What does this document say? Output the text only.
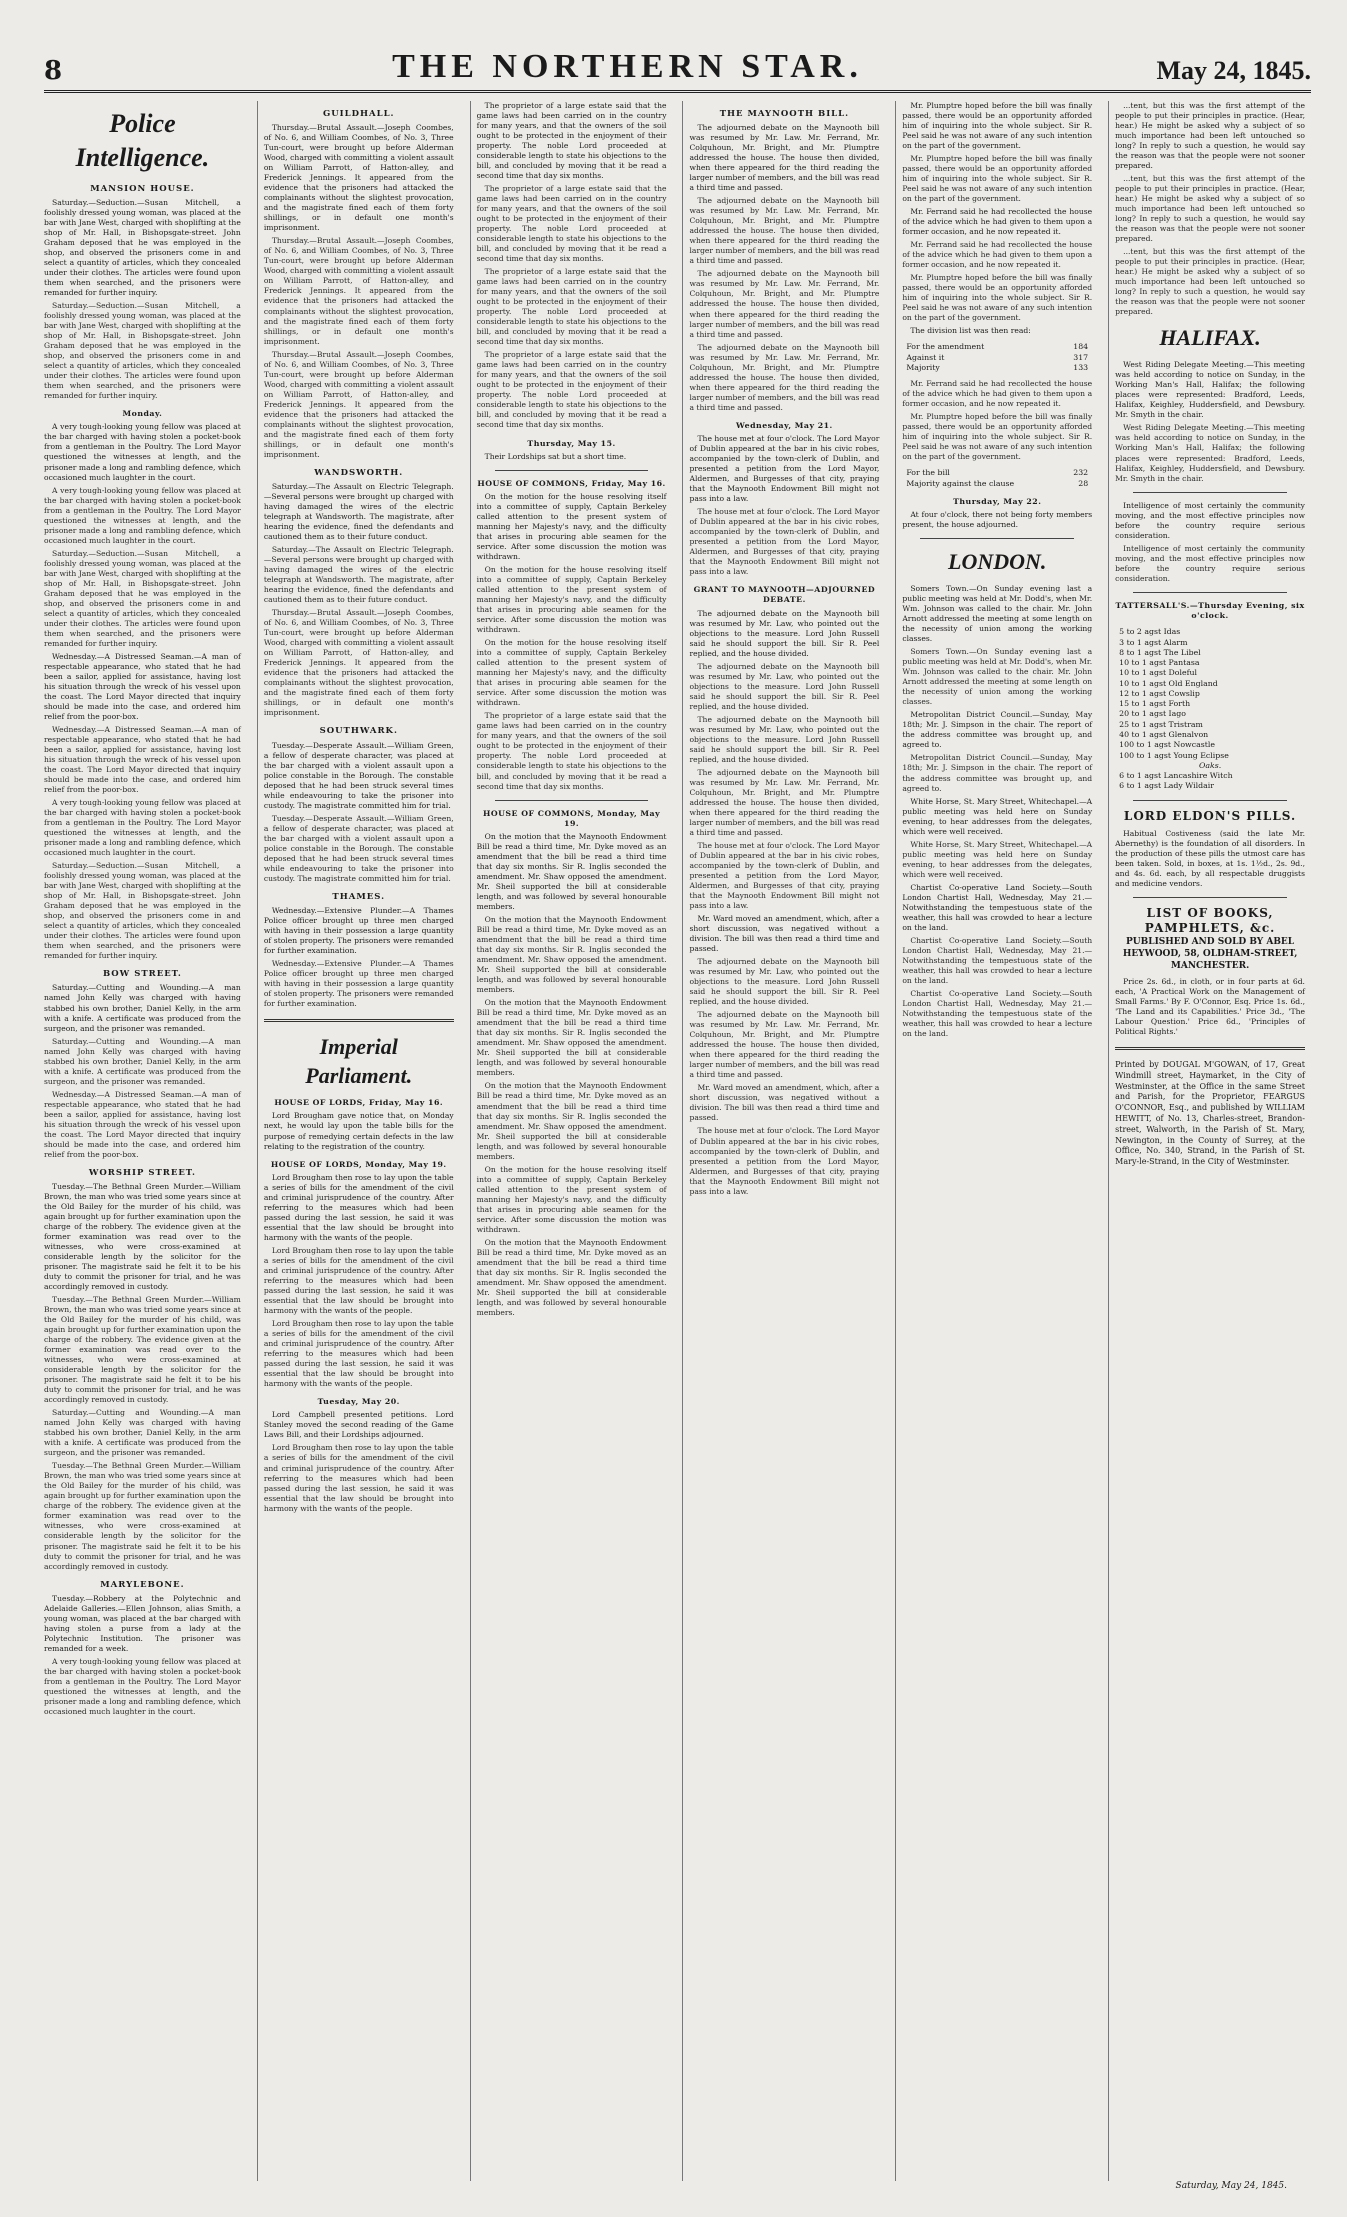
8	THE NORTHERN STAR.	May 24, 1845.
Police Intelligence.
MANSION HOUSE.

Saturday.—Seduction.—Susan Mitchell, a foolishly dressed young woman, was placed at the bar with Jane West, charged with shoplifting at the shop of Mr. Hall, in Bishopsgate-street. John Graham deposed that he was employed in the shop, and observed the prisoners come in and select a quantity of articles, which they concealed under their clothes. The articles were found upon them when searched, and the prisoners were remanded for further inquiry.

Saturday.—Seduction.—Susan Mitchell, a foolishly dressed young woman, was placed at the bar with Jane West, charged with shoplifting at the shop of Mr. Hall, in Bishopsgate-street. John Graham deposed that he was employed in the shop, and observed the prisoners come in and select a quantity of articles, which they concealed under their clothes. The articles were found upon them when searched, and the prisoners were remanded for further inquiry.

Monday.

A very tough-looking young fellow was placed at the bar charged with having stolen a pocket-book from a gentleman in the Poultry. The Lord Mayor questioned the witnesses at length, and the prisoner made a long and rambling defence, which occasioned much laughter in the court.

A very tough-looking young fellow was placed at the bar charged with having stolen a pocket-book from a gentleman in the Poultry. The Lord Mayor questioned the witnesses at length, and the prisoner made a long and rambling defence, which occasioned much laughter in the court.

Saturday.—Seduction.—Susan Mitchell, a foolishly dressed young woman, was placed at the bar with Jane West, charged with shoplifting at the shop of Mr. Hall, in Bishopsgate-street. John Graham deposed that he was employed in the shop, and observed the prisoners come in and select a quantity of articles, which they concealed under their clothes. The articles were found upon them when searched, and the prisoners were remanded for further inquiry.

Wednesday.—A Distressed Seaman.—A man of respectable appearance, who stated that he had been a sailor, applied for assistance, having lost his situation through the wreck of his vessel upon the coast. The Lord Mayor directed that inquiry should be made into the case, and ordered him relief from the poor-box.

Wednesday.—A Distressed Seaman.—A man of respectable appearance, who stated that he had been a sailor, applied for assistance, having lost his situation through the wreck of his vessel upon the coast. The Lord Mayor directed that inquiry should be made into the case, and ordered him relief from the poor-box.

A very tough-looking young fellow was placed at the bar charged with having stolen a pocket-book from a gentleman in the Poultry. The Lord Mayor questioned the witnesses at length, and the prisoner made a long and rambling defence, which occasioned much laughter in the court.

Saturday.—Seduction.—Susan Mitchell, a foolishly dressed young woman, was placed at the bar with Jane West, charged with shoplifting at the shop of Mr. Hall, in Bishopsgate-street. John Graham deposed that he was employed in the shop, and observed the prisoners come in and select a quantity of articles, which they concealed under their clothes. The articles were found upon them when searched, and the prisoners were remanded for further inquiry.

BOW STREET.

Saturday.—Cutting and Wounding.—A man named John Kelly was charged with having stabbed his own brother, Daniel Kelly, in the arm with a knife. A certificate was produced from the surgeon, and the prisoner was remanded.

Saturday.—Cutting and Wounding.—A man named John Kelly was charged with having stabbed his own brother, Daniel Kelly, in the arm with a knife. A certificate was produced from the surgeon, and the prisoner was remanded.

Wednesday.—A Distressed Seaman.—A man of respectable appearance, who stated that he had been a sailor, applied for assistance, having lost his situation through the wreck of his vessel upon the coast. The Lord Mayor directed that inquiry should be made into the case, and ordered him relief from the poor-box.

WORSHIP STREET.

Tuesday.—The Bethnal Green Murder.—William Brown, the man who was tried some years since at the Old Bailey for the murder of his child, was again brought up for further examination upon the charge of the robbery. The evidence given at the former examination was read over to the witnesses, who were cross-examined at considerable length by the solicitor for the prisoner. The magistrate said he felt it to be his duty to commit the prisoner for trial, and he was accordingly removed in custody.

Tuesday.—The Bethnal Green Murder.—William Brown, the man who was tried some years since at the Old Bailey for the murder of his child, was again brought up for further examination upon the charge of the robbery. The evidence given at the former examination was read over to the witnesses, who were cross-examined at considerable length by the solicitor for the prisoner. The magistrate said he felt it to be his duty to commit the prisoner for trial, and he was accordingly removed in custody.

Saturday.—Cutting and Wounding.—A man named John Kelly was charged with having stabbed his own brother, Daniel Kelly, in the arm with a knife. A certificate was produced from the surgeon, and the prisoner was remanded.

Tuesday.—The Bethnal Green Murder.—William Brown, the man who was tried some years since at the Old Bailey for the murder of his child, was again brought up for further examination upon the charge of the robbery. The evidence given at the former examination was read over to the witnesses, who were cross-examined at considerable length by the solicitor for the prisoner. The magistrate said he felt it to be his duty to commit the prisoner for trial, and he was accordingly removed in custody.

MARYLEBONE.

Tuesday.—Robbery at the Polytechnic and Adelaide Galleries.—Ellen Johnson, alias Smith, a young woman, was placed at the bar charged with having stolen a purse from a lady at the Polytechnic Institution. The prisoner was remanded for a week.

A very tough-looking young fellow was placed at the bar charged with having stolen a pocket-book from a gentleman in the Poultry. The Lord Mayor questioned the witnesses at length, and the prisoner made a long and rambling defence, which occasioned much laughter in the court.

GUILDHALL.

Thursday.—Brutal Assault.—Joseph Coombes, of No. 6, and William Coombes, of No. 3, Three Tun-court, were brought up before Alderman Wood, charged with committing a violent assault on William Parrott, of Hatton-alley, and Frederick Jennings. It appeared from the evidence that the prisoners had attacked the complainants without the slightest provocation, and the magistrate fined each of them forty shillings, or in default one month's imprisonment.

Thursday.—Brutal Assault.—Joseph Coombes, of No. 6, and William Coombes, of No. 3, Three Tun-court, were brought up before Alderman Wood, charged with committing a violent assault on William Parrott, of Hatton-alley, and Frederick Jennings. It appeared from the evidence that the prisoners had attacked the complainants without the slightest provocation, and the magistrate fined each of them forty shillings, or in default one month's imprisonment.

Thursday.—Brutal Assault.—Joseph Coombes, of No. 6, and William Coombes, of No. 3, Three Tun-court, were brought up before Alderman Wood, charged with committing a violent assault on William Parrott, of Hatton-alley, and Frederick Jennings. It appeared from the evidence that the prisoners had attacked the complainants without the slightest provocation, and the magistrate fined each of them forty shillings, or in default one month's imprisonment.

WANDSWORTH.

Saturday.—The Assault on Electric Telegraph.—Several persons were brought up charged with having damaged the wires of the electric telegraph at Wandsworth. The magistrate, after hearing the evidence, fined the defendants and cautioned them as to their future conduct.

Saturday.—The Assault on Electric Telegraph.—Several persons were brought up charged with having damaged the wires of the electric telegraph at Wandsworth. The magistrate, after hearing the evidence, fined the defendants and cautioned them as to their future conduct.

Thursday.—Brutal Assault.—Joseph Coombes, of No. 6, and William Coombes, of No. 3, Three Tun-court, were brought up before Alderman Wood, charged with committing a violent assault on William Parrott, of Hatton-alley, and Frederick Jennings. It appeared from the evidence that the prisoners had attacked the complainants without the slightest provocation, and the magistrate fined each of them forty shillings, or in default one month's imprisonment.

SOUTHWARK.

Tuesday.—Desperate Assault.—William Green, a fellow of desperate character, was placed at the bar charged with a violent assault upon a police constable in the Borough. The constable deposed that he had been struck several times while endeavouring to take the prisoner into custody. The magistrate committed him for trial.

Tuesday.—Desperate Assault.—William Green, a fellow of desperate character, was placed at the bar charged with a violent assault upon a police constable in the Borough. The constable deposed that he had been struck several times while endeavouring to take the prisoner into custody. The magistrate committed him for trial.

THAMES.

Wednesday.—Extensive Plunder.—A Thames Police officer brought up three men charged with having in their possession a large quantity of stolen property. The prisoners were remanded for further examination.

Wednesday.—Extensive Plunder.—A Thames Police officer brought up three men charged with having in their possession a large quantity of stolen property. The prisoners were remanded for further examination.

Imperial Parliament.
HOUSE OF LORDS, Friday, May 16.

Lord Brougham gave notice that, on Monday next, he would lay upon the table bills for the purpose of remedying certain defects in the law relating to the registration of the country.

HOUSE OF LORDS, Monday, May 19.

Lord Brougham then rose to lay upon the table a series of bills for the amendment of the civil and criminal jurisprudence of the country. After referring to the measures which had been passed during the last session, he said it was essential that the law should be brought into harmony with the wants of the people.

Lord Brougham then rose to lay upon the table a series of bills for the amendment of the civil and criminal jurisprudence of the country. After referring to the measures which had been passed during the last session, he said it was essential that the law should be brought into harmony with the wants of the people.

Lord Brougham then rose to lay upon the table a series of bills for the amendment of the civil and criminal jurisprudence of the country. After referring to the measures which had been passed during the last session, he said it was essential that the law should be brought into harmony with the wants of the people.

Tuesday, May 20.

Lord Campbell presented petitions. Lord Stanley moved the second reading of the Game Laws Bill, and their Lordships adjourned.

Lord Brougham then rose to lay upon the table a series of bills for the amendment of the civil and criminal jurisprudence of the country. After referring to the measures which had been passed during the last session, he said it was essential that the law should be brought into harmony with the wants of the people.

The proprietor of a large estate said that the game laws had been carried on in the country for many years, and that the owners of the soil ought to be protected in the enjoyment of their property. The noble Lord proceeded at considerable length to state his objections to the bill, and concluded by moving that it be read a second time that day six months.

The proprietor of a large estate said that the game laws had been carried on in the country for many years, and that the owners of the soil ought to be protected in the enjoyment of their property. The noble Lord proceeded at considerable length to state his objections to the bill, and concluded by moving that it be read a second time that day six months.

The proprietor of a large estate said that the game laws had been carried on in the country for many years, and that the owners of the soil ought to be protected in the enjoyment of their property. The noble Lord proceeded at considerable length to state his objections to the bill, and concluded by moving that it be read a second time that day six months.

The proprietor of a large estate said that the game laws had been carried on in the country for many years, and that the owners of the soil ought to be protected in the enjoyment of their property. The noble Lord proceeded at considerable length to state his objections to the bill, and concluded by moving that it be read a second time that day six months.

Thursday, May 15.

Their Lordships sat but a short time.

HOUSE OF COMMONS, Friday, May 16.

On the motion for the house resolving itself into a committee of supply, Captain Berkeley called attention to the present system of manning her Majesty's navy, and the difficulty that arises in procuring able seamen for the service. After some discussion the motion was withdrawn.

On the motion for the house resolving itself into a committee of supply, Captain Berkeley called attention to the present system of manning her Majesty's navy, and the difficulty that arises in procuring able seamen for the service. After some discussion the motion was withdrawn.

On the motion for the house resolving itself into a committee of supply, Captain Berkeley called attention to the present system of manning her Majesty's navy, and the difficulty that arises in procuring able seamen for the service. After some discussion the motion was withdrawn.

The proprietor of a large estate said that the game laws had been carried on in the country for many years, and that the owners of the soil ought to be protected in the enjoyment of their property. The noble Lord proceeded at considerable length to state his objections to the bill, and concluded by moving that it be read a second time that day six months.

HOUSE OF COMMONS, Monday, May 19.

On the motion that the Maynooth Endowment Bill be read a third time, Mr. Dyke moved as an amendment that the bill be read a third time that day six months. Sir R. Inglis seconded the amendment. Mr. Shaw opposed the amendment. Mr. Sheil supported the bill at considerable length, and was followed by several honourable members.

On the motion that the Maynooth Endowment Bill be read a third time, Mr. Dyke moved as an amendment that the bill be read a third time that day six months. Sir R. Inglis seconded the amendment. Mr. Shaw opposed the amendment. Mr. Sheil supported the bill at considerable length, and was followed by several honourable members.

On the motion that the Maynooth Endowment Bill be read a third time, Mr. Dyke moved as an amendment that the bill be read a third time that day six months. Sir R. Inglis seconded the amendment. Mr. Shaw opposed the amendment. Mr. Sheil supported the bill at considerable length, and was followed by several honourable members.

On the motion that the Maynooth Endowment Bill be read a third time, Mr. Dyke moved as an amendment that the bill be read a third time that day six months. Sir R. Inglis seconded the amendment. Mr. Shaw opposed the amendment. Mr. Sheil supported the bill at considerable length, and was followed by several honourable members.

On the motion for the house resolving itself into a committee of supply, Captain Berkeley called attention to the present system of manning her Majesty's navy, and the difficulty that arises in procuring able seamen for the service. After some discussion the motion was withdrawn.

On the motion that the Maynooth Endowment Bill be read a third time, Mr. Dyke moved as an amendment that the bill be read a third time that day six months. Sir R. Inglis seconded the amendment. Mr. Shaw opposed the amendment. Mr. Sheil supported the bill at considerable length, and was followed by several honourable members.

THE MAYNOOTH BILL.

The adjourned debate on the Maynooth bill was resumed by Mr. Law. Mr. Ferrand, Mr. Colquhoun, Mr. Bright, and Mr. Plumptre addressed the house. The house then divided, when there appeared for the third reading the larger number of members, and the bill was read a third time and passed.

The adjourned debate on the Maynooth bill was resumed by Mr. Law. Mr. Ferrand, Mr. Colquhoun, Mr. Bright, and Mr. Plumptre addressed the house. The house then divided, when there appeared for the third reading the larger number of members, and the bill was read a third time and passed.

The adjourned debate on the Maynooth bill was resumed by Mr. Law. Mr. Ferrand, Mr. Colquhoun, Mr. Bright, and Mr. Plumptre addressed the house. The house then divided, when there appeared for the third reading the larger number of members, and the bill was read a third time and passed.

The adjourned debate on the Maynooth bill was resumed by Mr. Law. Mr. Ferrand, Mr. Colquhoun, Mr. Bright, and Mr. Plumptre addressed the house. The house then divided, when there appeared for the third reading the larger number of members, and the bill was read a third time and passed.

Wednesday, May 21.

The house met at four o'clock. The Lord Mayor of Dublin appeared at the bar in his civic robes, accompanied by the town-clerk of Dublin, and presented a petition from the Lord Mayor, Aldermen, and Burgesses of that city, praying that the Maynooth Endowment Bill might not pass into a law.

The house met at four o'clock. The Lord Mayor of Dublin appeared at the bar in his civic robes, accompanied by the town-clerk of Dublin, and presented a petition from the Lord Mayor, Aldermen, and Burgesses of that city, praying that the Maynooth Endowment Bill might not pass into a law.

GRANT TO MAYNOOTH—ADJOURNED DEBATE.

The adjourned debate on the Maynooth bill was resumed by Mr. Law, who pointed out the objections to the measure. Lord John Russell said he should support the bill. Sir R. Peel replied, and the house divided.

The adjourned debate on the Maynooth bill was resumed by Mr. Law, who pointed out the objections to the measure. Lord John Russell said he should support the bill. Sir R. Peel replied, and the house divided.

The adjourned debate on the Maynooth bill was resumed by Mr. Law, who pointed out the objections to the measure. Lord John Russell said he should support the bill. Sir R. Peel replied, and the house divided.

The adjourned debate on the Maynooth bill was resumed by Mr. Law. Mr. Ferrand, Mr. Colquhoun, Mr. Bright, and Mr. Plumptre addressed the house. The house then divided, when there appeared for the third reading the larger number of members, and the bill was read a third time and passed.

The house met at four o'clock. The Lord Mayor of Dublin appeared at the bar in his civic robes, accompanied by the town-clerk of Dublin, and presented a petition from the Lord Mayor, Aldermen, and Burgesses of that city, praying that the Maynooth Endowment Bill might not pass into a law.

Mr. Ward moved an amendment, which, after a short discussion, was negatived without a division. The bill was then read a third time and passed.

The adjourned debate on the Maynooth bill was resumed by Mr. Law, who pointed out the objections to the measure. Lord John Russell said he should support the bill. Sir R. Peel replied, and the house divided.

The adjourned debate on the Maynooth bill was resumed by Mr. Law. Mr. Ferrand, Mr. Colquhoun, Mr. Bright, and Mr. Plumptre addressed the house. The house then divided, when there appeared for the third reading the larger number of members, and the bill was read a third time and passed.

Mr. Ward moved an amendment, which, after a short discussion, was negatived without a division. The bill was then read a third time and passed.

The house met at four o'clock. The Lord Mayor of Dublin appeared at the bar in his civic robes, accompanied by the town-clerk of Dublin, and presented a petition from the Lord Mayor, Aldermen, and Burgesses of that city, praying that the Maynooth Endowment Bill might not pass into a law.

Mr. Plumptre hoped before the bill was finally passed, there would be an opportunity afforded him of inquiring into the whole subject. Sir R. Peel said he was not aware of any such intention on the part of the government.

Mr. Plumptre hoped before the bill was finally passed, there would be an opportunity afforded him of inquiring into the whole subject. Sir R. Peel said he was not aware of any such intention on the part of the government.

Mr. Ferrand said he had recollected the house of the advice which he had given to them upon a former occasion, and he now repeated it.

Mr. Ferrand said he had recollected the house of the advice which he had given to them upon a former occasion, and he now repeated it.

Mr. Plumptre hoped before the bill was finally passed, there would be an opportunity afforded him of inquiring into the whole subject. Sir R. Peel said he was not aware of any such intention on the part of the government.

The division list was then read:

For the amendment	184
Against it	317
Majority	133

Mr. Ferrand said he had recollected the house of the advice which he had given to them upon a former occasion, and he now repeated it.

Mr. Plumptre hoped before the bill was finally passed, there would be an opportunity afforded him of inquiring into the whole subject. Sir R. Peel said he was not aware of any such intention on the part of the government.

For the bill	232
Majority against the clause	28
Thursday, May 22.

At four o'clock, there not being forty members present, the house adjourned.

LONDON.

Somers Town.—On Sunday evening last a public meeting was held at Mr. Dodd's, when Mr. Wm. Johnson was called to the chair. Mr. John Arnott addressed the meeting at some length on the necessity of union among the working classes.

Somers Town.—On Sunday evening last a public meeting was held at Mr. Dodd's, when Mr. Wm. Johnson was called to the chair. Mr. John Arnott addressed the meeting at some length on the necessity of union among the working classes.

Metropolitan District Council.—Sunday, May 18th; Mr. J. Simpson in the chair. The report of the address committee was brought up, and agreed to.

Metropolitan District Council.—Sunday, May 18th; Mr. J. Simpson in the chair. The report of the address committee was brought up, and agreed to.

White Horse, St. Mary Street, Whitechapel.—A public meeting was held here on Sunday evening, to hear addresses from the delegates, which were well received.

White Horse, St. Mary Street, Whitechapel.—A public meeting was held here on Sunday evening, to hear addresses from the delegates, which were well received.

Chartist Co-operative Land Society.—South London Chartist Hall, Wednesday, May 21.—Notwithstanding the tempestuous state of the weather, this hall was crowded to hear a lecture on the land.

Chartist Co-operative Land Society.—South London Chartist Hall, Wednesday, May 21.—Notwithstanding the tempestuous state of the weather, this hall was crowded to hear a lecture on the land.

Chartist Co-operative Land Society.—South London Chartist Hall, Wednesday, May 21.—Notwithstanding the tempestuous state of the weather, this hall was crowded to hear a lecture on the land.

...tent, but this was the first attempt of the people to put their principles in practice. (Hear, hear.) He might be asked why a subject of so much importance had been left untouched so long? In reply to such a question, he would say the reason was that the people were not sooner prepared.

...tent, but this was the first attempt of the people to put their principles in practice. (Hear, hear.) He might be asked why a subject of so much importance had been left untouched so long? In reply to such a question, he would say the reason was that the people were not sooner prepared.

...tent, but this was the first attempt of the people to put their principles in practice. (Hear, hear.) He might be asked why a subject of so much importance had been left untouched so long? In reply to such a question, he would say the reason was that the people were not sooner prepared.

HALIFAX.

West Riding Delegate Meeting.—This meeting was held according to notice on Sunday, in the Working Man's Hall, Halifax; the following places were represented: Bradford, Leeds, Halifax, Keighley, Huddersfield, and Dewsbury. Mr. Smyth in the chair.

West Riding Delegate Meeting.—This meeting was held according to notice on Sunday, in the Working Man's Hall, Halifax; the following places were represented: Bradford, Leeds, Halifax, Keighley, Huddersfield, and Dewsbury. Mr. Smyth in the chair.

Intelligence of most certainly the community moving, and the most effective principles now before the country require serious consideration.

Intelligence of most certainly the community moving, and the most effective principles now before the country require serious consideration.

TATTERSALL'S.—Thursday Evening, six o'clock.
5 to 2 agst Idas
3 to 1 agst Alarm
8 to 1 agst The Libel
10 to 1 agst Pantasa
10 to 1 agst Doleful
10 to 1 agst Old England
12 to 1 agst Cowslip
15 to 1 agst Forth
20 to 1 agst Iago
25 to 1 agst Tristram
40 to 1 agst Glenalvon
100 to 1 agst Nowcastle
100 to 1 agst Young Eclipse
Oaks.
6 to 1 agst Lancashire Witch
6 to 1 agst Lady Wildair
LORD ELDON'S PILLS.

Habitual Costiveness (said the late Mr. Abernethy) is the foundation of all disorders. In the production of these pills the utmost care has been taken. Sold, in boxes, at 1s. 1½d., 2s. 9d., and 4s. 6d. each, by all respectable druggists and medicine vendors.

LIST OF BOOKS, PAMPHLETS, &c.
PUBLISHED AND SOLD BY ABEL HEYWOOD, 58, OLDHAM-STREET, MANCHESTER.

Price 2s. 6d., in cloth, or in four parts at 6d. each, 'A Practical Work on the Management of Small Farms.' By F. O'Connor, Esq. Price 1s. 6d., 'The Land and its Capabilities.' Price 3d., 'The Labour Question.' Price 6d., 'Principles of Political Rights.'

Printed by DOUGAL M'GOWAN, of 17, Great Windmill street, Haymarket, in the City of Westminster, at the Office in the same Street and Parish, for the Proprietor, FEARGUS O'CONNOR, Esq., and published by WILLIAM HEWITT, of No. 13, Charles-street, Brandon-street, Walworth, in the Parish of St. Mary, Newington, in the County of Surrey, at the Office, No. 340, Strand, in the Parish of St. Mary-le-Strand, in the City of Westminster.
Saturday, May 24, 1845.
